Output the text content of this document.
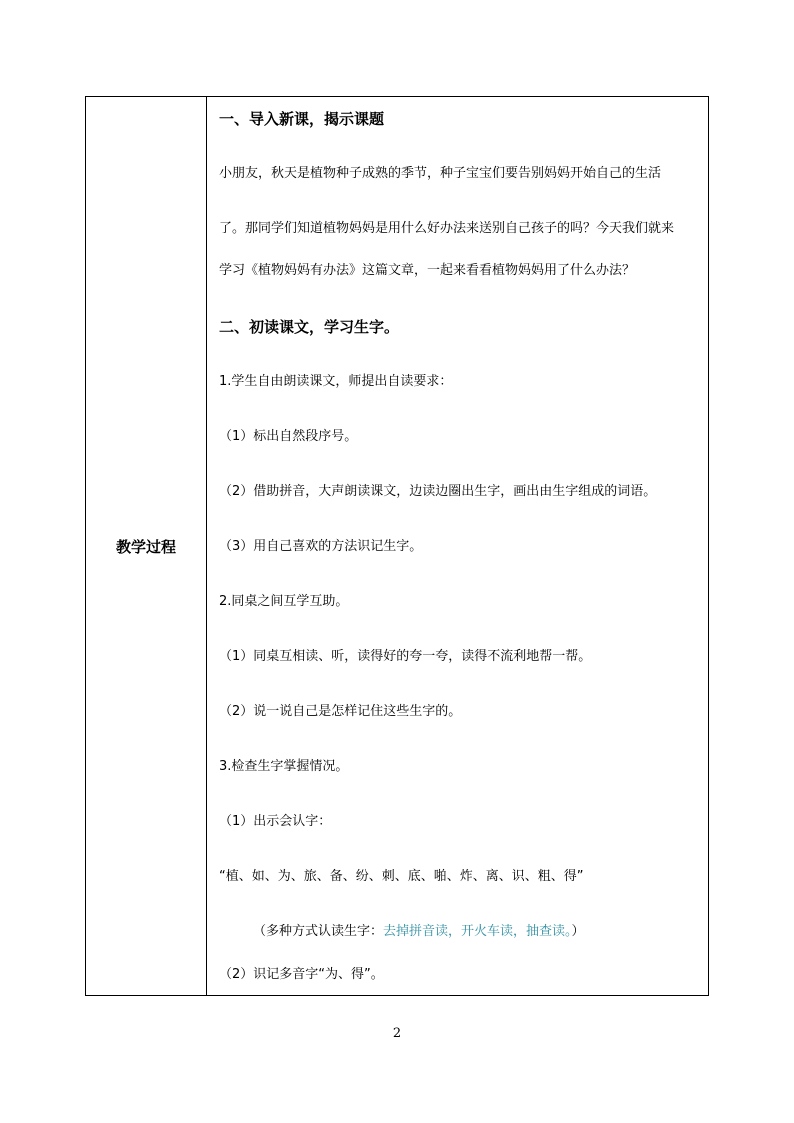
教学过程
（多种方式认读生字：去掉拼音读，开火车读，抽查读。）
一、导入新课，揭示课题
小朋友，秋天是植物种子成熟的季节，种子宝宝们要告别妈妈开始自己的生活
了。那同学们知道植物妈妈是用什么好办法来送别自己孩子的吗？今天我们就来
学习《植物妈妈有办法》这篇文章，一起来看看植物妈妈用了什么办法？
二、初读课文，学习生字。
1.学生自由朗读课文，师提出自读要求：
（1）标出自然段序号。
（2）借助拼音，大声朗读课文，边读边圈出生字，画出由生字组成的词语。
（3）用自己喜欢的方法识记生字。
2.同桌之间互学互助。
（1）同桌互相读、听，读得好的夸一夸，读得不流利地帮一帮。
（2）说一说自己是怎样记住这些生字的。
3.检查生字掌握情况。
（1）出示会认字：
“植、如、为、旅、备、纷、刺、底、啪、炸、离、识、粗、得”
（2）识记多音字“为、得”。
2
